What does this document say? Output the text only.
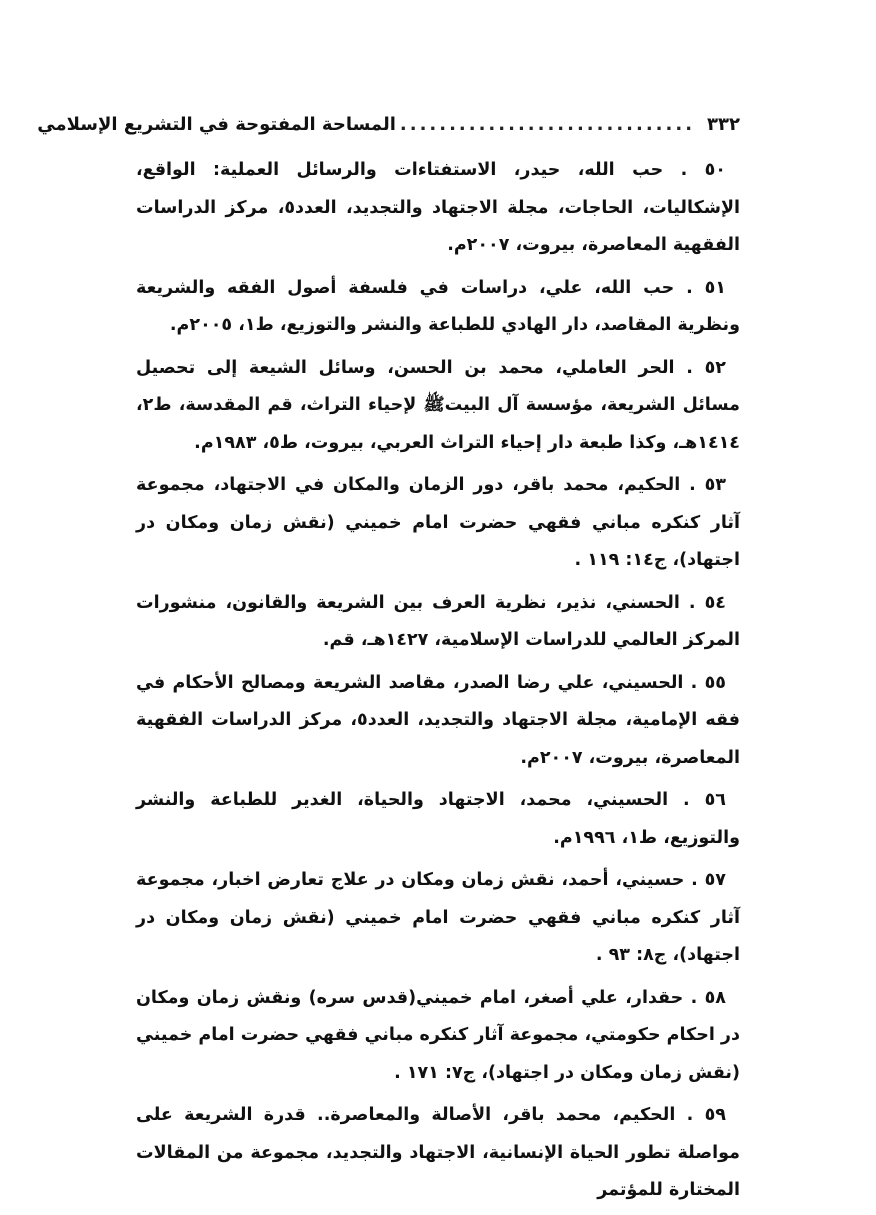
٣٣٢
..............................
المساحة المفتوحة في التشريع الإسلامي

٥٠ . حب الله، حيدر، الاستفتاءات والرسائل العملية: الواقع، الإشكاليات، الحاجات، مجلة الاجتهاد والتجديد، العدد٥، مركز الدراسات الفقهية المعاصرة، بيروت، ٢٠٠٧م.

٥١ . حب الله، علي، دراسات في فلسفة أصول الفقه والشريعة ونظرية المقاصد، دار الهادي للطباعة والنشر والتوزيع، ط١، ٢٠٠٥م.

٥٢ . الحر العاملي، محمد بن الحسن، وسائل الشيعة إلى تحصيل مسائل الشريعة، مؤسسة آل البيتﷺ لإحياء التراث، قم المقدسة، ط٢، ١٤١٤هـ، وكذا طبعة دار إحياء التراث العربي، بيروت، ط٥، ١٩٨٣م.

٥٣ . الحكيم، محمد باقر، دور الزمان والمكان في الاجتهاد، مجموعة آثار كنكره مباني فقهي حضرت امام خميني (نقش زمان ومكان در اجتهاد)، ج١٤: ١١٩ .

٥٤ . الحسني، نذير، نظرية العرف بين الشريعة والقانون، منشورات المركز العالمي للدراسات الإسلامية، ١٤٢٧هـ، قم.

٥٥ . الحسيني، علي رضا الصدر، مقاصد الشريعة ومصالح الأحكام في فقه الإمامية، مجلة الاجتهاد والتجديد، العدد٥، مركز الدراسات الفقهية المعاصرة، بيروت، ٢٠٠٧م.

٥٦ . الحسيني، محمد، الاجتهاد والحياة، الغدير للطباعة والنشر والتوزيع، ط١، ١٩٩٦م.

٥٧ . حسيني، أحمد، نقش زمان ومكان در علاج تعارض اخبار، مجموعة آثار كنكره مباني فقهي حضرت امام خميني (نقش زمان ومكان در اجتهاد)، ج٨: ٩٣ .

٥٨ . حقدار، علي أصغر، امام خميني(قدس سره) ونقش زمان ومكان در احكام حكومتي، مجموعة آثار كنكره مباني فقهي حضرت امام خميني (نقش زمان ومكان در اجتهاد)، ج٧: ١٧١ .

٥٩ . الحكيم، محمد باقر، الأصالة والمعاصرة.. قدرة الشريعة على مواصلة تطور الحياة الإنسانية، الاجتهاد والتجديد، مجموعة من المقالات المختارة للمؤتمر
